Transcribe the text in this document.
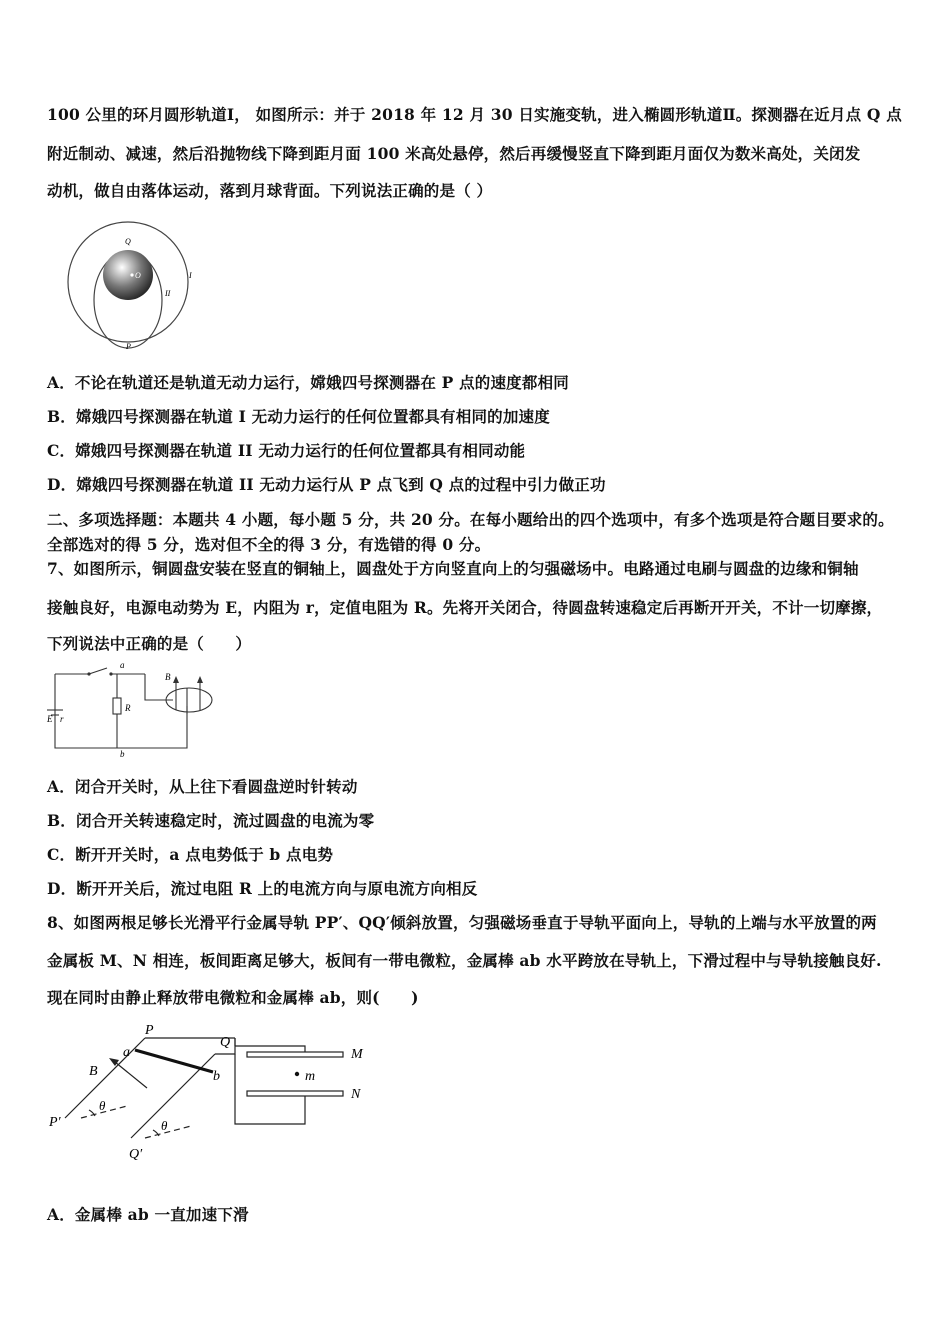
100 公里的环月圆形轨道Ⅰ， 如图所示：并于 2018 年 12 月 30 日实施变轨，进入椭圆形轨道Ⅱ。探测器在近月点 Q 点
附近制动、减速，然后沿抛物线下降到距月面 100 米高处悬停，然后再缓慢竖直下降到距月面仅为数米高处，关闭发
动机，做自由落体运动，落到月球背面。下列说法正确的是（ ）
Q
O	I
II
P
A．不论在轨道还是轨道无动力运行，嫦娥四号探测器在 P 点的速度都相同
B．嫦娥四号探测器在轨道 I 无动力运行的任何位置都具有相同的加速度
C．嫦娥四号探测器在轨道 II 无动力运行的任何位置都具有相同动能
D．嫦娥四号探测器在轨道 II 无动力运行从 P 点飞到 Q 点的过程中引力做正功
二、多项选择题：本题共 4 小题，每小题 5 分，共 20 分。在每小题给出的四个选项中，有多个选项是符合题目要求的。
全部选对的得 5 分，选对但不全的得 3 分，有选错的得 0 分。
7、如图所示，铜圆盘安装在竖直的铜轴上，圆盘处于方向竖直向上的匀强磁场中。电路通过电刷与圆盘的边缘和铜轴
接触良好，电源电动势为 E，内阻为 r，定值电阻为 R。先将开关闭合，待圆盘转速稳定后再断开开关，不计一切摩擦，
下列说法中正确的是（　　）
a
b
R
E r
B
A．闭合开关时，从上往下看圆盘逆时针转动
B．闭合开关转速稳定时，流过圆盘的电流为零
C．断开开关时，a 点电势低于 b 点电势
D．断开开关后，流过电阻 R 上的电流方向与原电流方向相反
8、如图两根足够长光滑平行金属导轨 PP′、QQ′倾斜放置，匀强磁场垂直于导轨平面向上，导轨的上端与水平放置的两
金属板 M、N 相连，板间距离足够大，板间有一带电微粒，金属棒 ab 水平跨放在导轨上，下滑过程中与导轨接触良好.
现在同时由静止释放带电微粒和金属棒 ab，则(　　)
P
Q
a
b
B
M
N
m
P′
Q′
θ
θ
A．金属棒 ab 一直加速下滑
